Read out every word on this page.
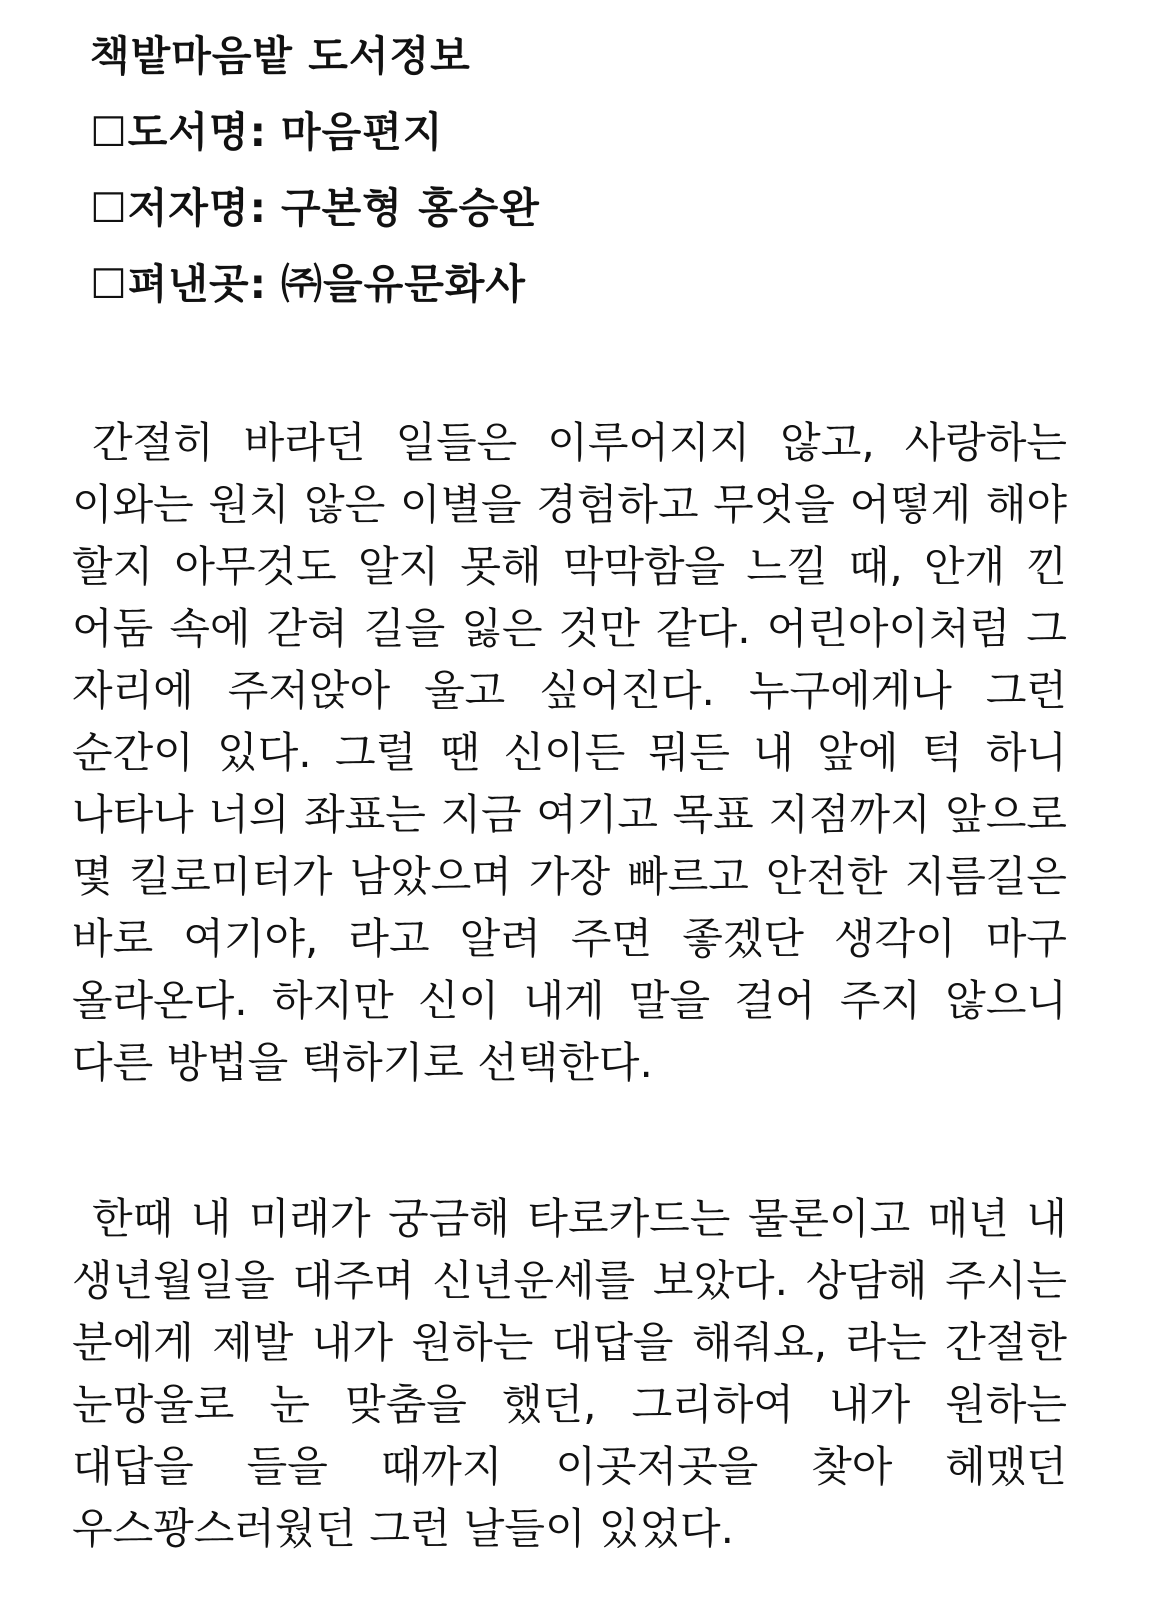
책밭마음밭 도서정보
☐도서명: 마음편지
☐저자명: 구본형 홍승완
☐펴낸곳: ㈜을유문화사

간절히 바라던 일들은 이루어지지 않고, 사랑하는 이와는 원치 않은 이별을 경험하고 무엇을 어떻게 해야 할지 아무것도 알지 못해 막막함을 느낄 때, 안개 낀 어둠 속에 갇혀 길을 잃은 것만 같다. 어린아이처럼 그 자리에 주저앉아 울고 싶어진다. 누구에게나 그런 순간이 있다. 그럴 땐 신이든 뭐든 내 앞에 턱 하니 나타나 너의 좌표는 지금 여기고 목표 지점까지 앞으로 몇 킬로미터가 남았으며 가장 빠르고 안전한 지름길은 바로 여기야, 라고 알려 주면 좋겠단 생각이 마구 올라온다. 하지만 신이 내게 말을 걸어 주지 않으니 다른 방법을 택하기로 선택한다.

한때 내 미래가 궁금해 타로카드는 물론이고 매년 내 생년월일을 대주며 신년운세를 보았다. 상담해 주시는 분에게 제발 내가 원하는 대답을 해줘요, 라는 간절한 눈망울로 눈 맞춤을 했던, 그리하여 내가 원하는 대답을 들을 때까지 이곳저곳을 찾아 헤맸던 우스꽝스러웠던 그런 날들이 있었다.
